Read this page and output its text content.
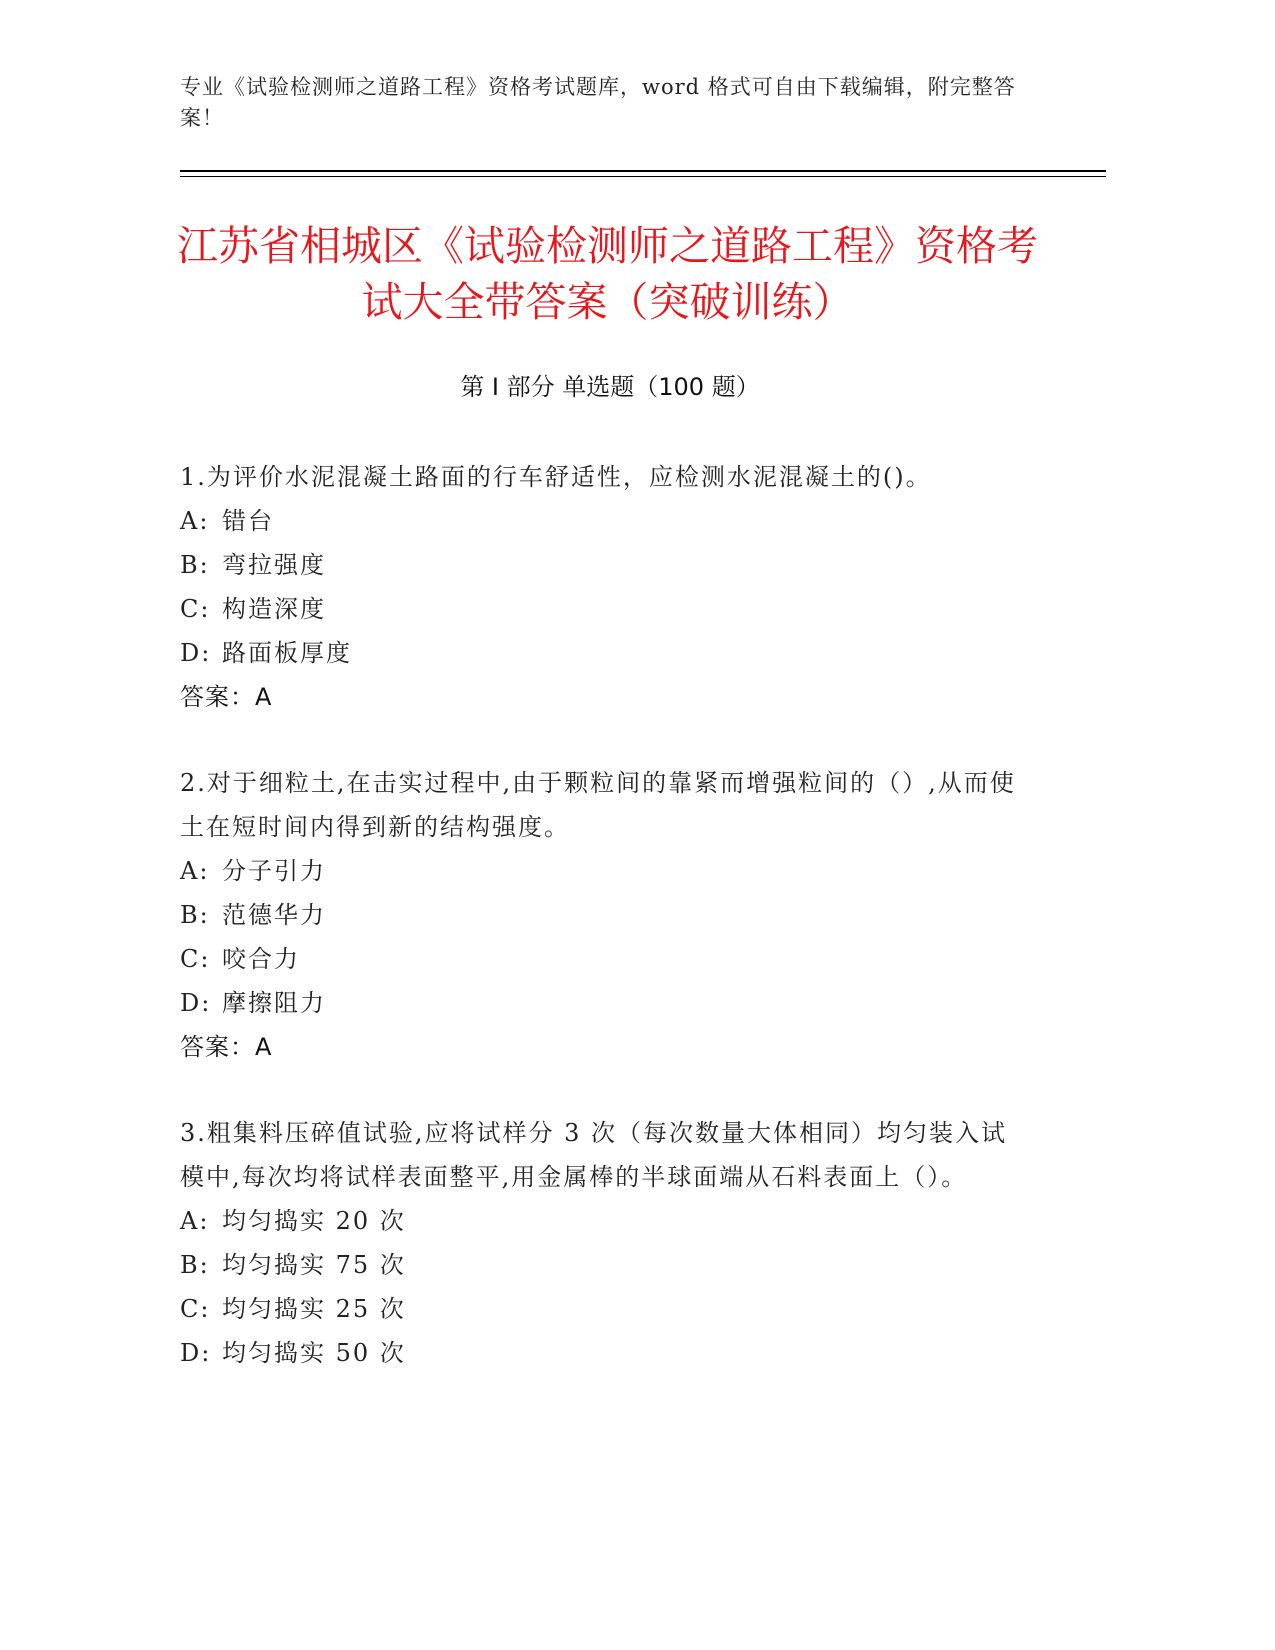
专业《试验检测师之道路工程》资格考试题库，word 格式可自由下载编辑，附完整答案！
江苏省相城区《试验检测师之道路工程》资格考试大全带答案（突破训练）
第 I 部分 单选题（100 题）
1.为评价水泥混凝土路面的行车舒适性，应检测水泥混凝土的()。
A: 错台
B: 弯拉强度
C: 构造深度
D: 路面板厚度
答案：A
2.对于细粒土,在击实过程中,由于颗粒间的靠紧而增强粒间的（）,从而使土在短时间内得到新的结构强度。
A: 分子引力
B: 范德华力
C: 咬合力
D: 摩擦阻力
答案：A
3.粗集料压碎值试验,应将试样分 3 次（每次数量大体相同）均匀装入试模中,每次均将试样表面整平,用金属棒的半球面端从石料表面上（）。
A: 均匀捣实 20 次
B: 均匀捣实 75 次
C: 均匀捣实 25 次
D: 均匀捣实 50 次
